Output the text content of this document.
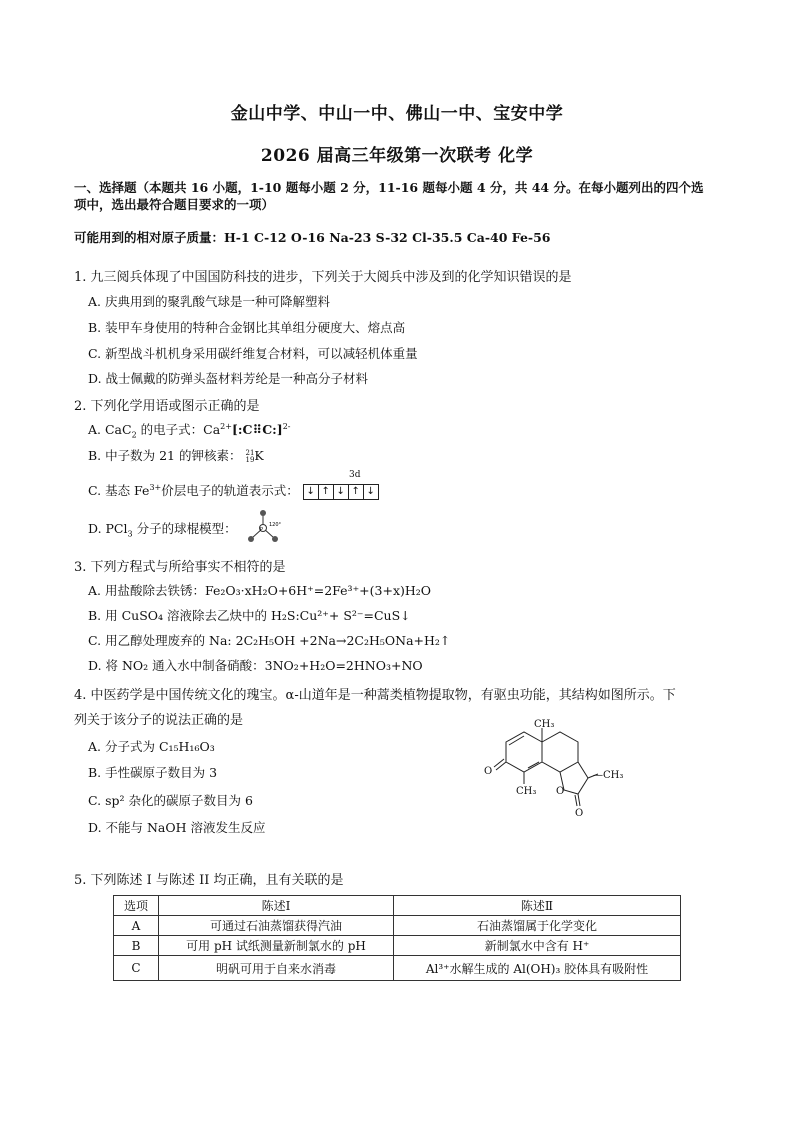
金山中学、中山一中、佛山一中、宝安中学
2026 届高三年级第一次联考 化学
一、选择题（本题共 16 小题，1-10 题每小题 2 分，11-16 题每小题 4 分，共 44 分。在每小题列出的四个选
项中，选出最符合题目要求的一项）
可能用到的相对原子质量：H-1 C-12 O-16 Na-23 S-32 Cl-35.5 Ca-40 Fe-56
1. 九三阅兵体现了中国国防科技的进步，下列关于大阅兵中涉及到的化学知识错误的是
A. 庆典用到的聚乳酸气球是一种可降解塑料
B. 装甲车身使用的特种合金钢比其单组分硬度大、熔点高
C. 新型战斗机机身采用碳纤维复合材料，可以减轻机体重量
D. 战士佩戴的防弹头盔材料芳纶是一种高分子材料
2. 下列化学用语或图示正确的是
A. CaC$_2$ 的电子式：$Ca^{2+}[:C⠿C:]^{2-}$
B. 中子数为 21 的钾核素： 21
19 K
3d
C. 基态 $Fe^{3+}$价层电子的轨道表示式： ↓ ↑ ↓ ↑ ↓
D. PCl$_3$ 分子的球棍模型：	P
120°
3. 下列方程式与所给事实不相符的是
A. 用盐酸除去铁锈：Fe₂O₃·xH₂O+6H⁺=2Fe³⁺+(3+x)H₂O
B. 用 CuSO₄ 溶液除去乙炔中的 H₂S:Cu²⁺+ S²⁻=CuS↓
C. 用乙醇处理废弃的 Na: 2C₂H₅OH +2Na→2C₂H₅ONa+H₂↑
D. 将 NO₂ 通入水中制备硝酸：3NO₂+H₂O=2HNO₃+NO
4. 中医药学是中国传统文化的瑰宝。α-山道年是一种蒿类植物提取物，有驱虫功能，其结构如图所示。下
列关于该分子的说法正确的是
A. 分子式为 C₁₅H₁₆O₃
B. 手性碳原子数目为 3
C. sp² 杂化的碳原子数目为 6
D. 不能与 NaOH 溶液发生反应
CH₃
—CH₃
CH₃
O
O
O
5. 下列陈述 I 与陈述 II 均正确，且有关联的是
选项	陈述Ⅰ	陈述Ⅱ
A	可通过石油蒸馏获得汽油	石油蒸馏属于化学变化
B	可用 pH 试纸测量新制氯水的 pH	新制氯水中含有 H⁺
C	明矾可用于自来水消毒	Al³⁺水解生成的 Al(OH)₃ 胶体具有吸附性
